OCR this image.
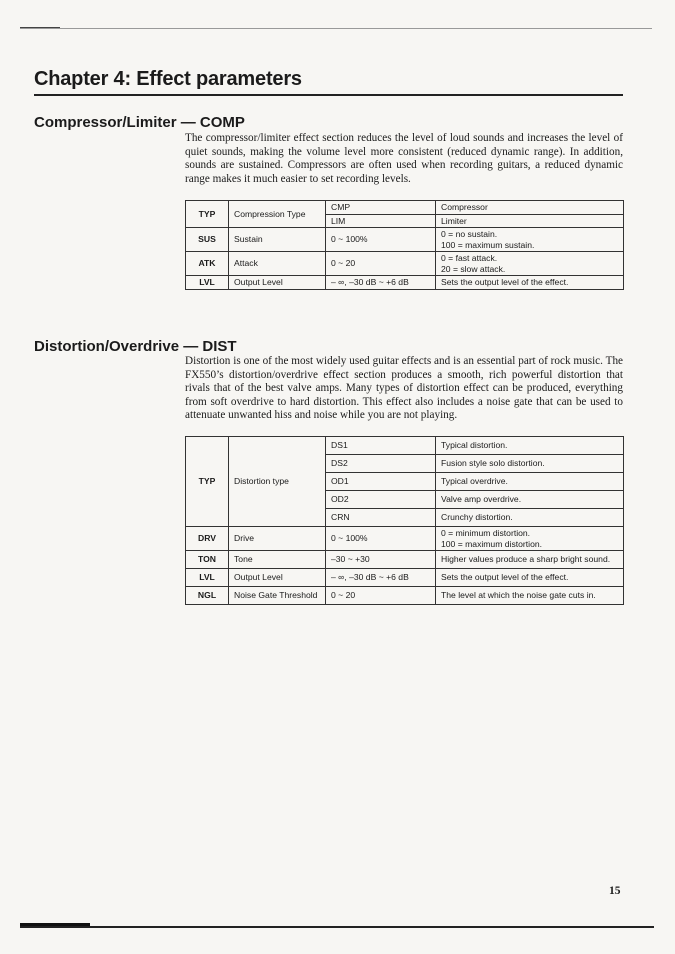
Chapter 4: Effect parameters
Compressor/Limiter — COMP

The compressor/limiter effect section reduces the level of loud sounds and increases the level of quiet sounds, making the volume level more consistent (reduced dynamic range). In addition, sounds are sustained. Compressors are often used when recording guitars, a reduced dynamic range makes it much easier to set recording levels.

TYP	Compression Type	CMP	Compressor
		LIM	Limiter
SUS	Sustain	0 ~ 100%	0 = no sustain.
100 = maximum sustain.

ATK	Attack	0 ~ 20	0 = fast attack.
20 = slow attack.

LVL	Output Level	– ∞, –30 dB ~ +6 dB	Sets the output level of the effect.
Distortion/Overdrive — DIST

Distortion is one of the most widely used guitar effects and is an essential part of rock music. The FX550’s distortion/overdrive effect section produces a smooth, rich powerful distortion that rivals that of the best valve amps. Many types of distortion effect can be produced, everything from soft overdrive to hard distortion. This effect also includes a noise gate that can be used to attenuate unwanted hiss and noise while you are not playing.

TYP	Distortion type	DS1	Typical distortion.
		DS2	Fusion style solo distortion.
		OD1	Typical overdrive.
		OD2	Valve amp overdrive.
		CRN	Crunchy distortion.
DRV	Drive	0 ~ 100%	0 = minimum distortion.
100 = maximum distortion.

TON	Tone	–30 ~ +30	Higher values produce a sharp bright sound.
LVL	Output Level	– ∞, –30 dB ~ +6 dB	Sets the output level of the effect.
NGL	Noise Gate Threshold	0 ~ 20	The level at which the noise gate cuts in.
15
